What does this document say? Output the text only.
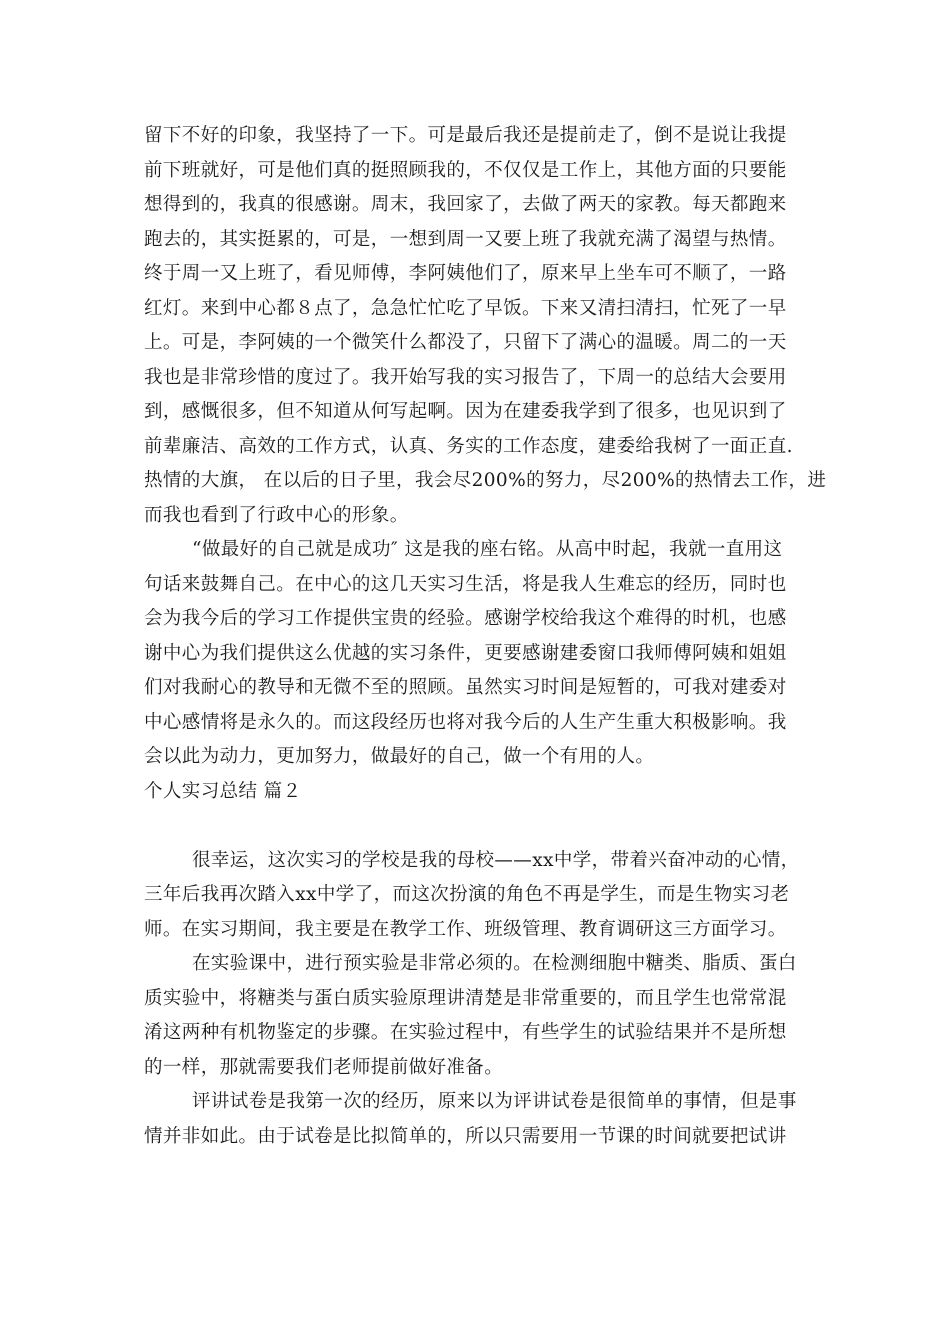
留下不好的印象，我坚持了一下。可是最后我还是提前走了，倒不是说让我提
前下班就好，可是他们真的挺照顾我的，不仅仅是工作上，其他方面的只要能
想得到的，我真的很感谢。周末，我回家了，去做了两天的家教。每天都跑来
跑去的，其实挺累的，可是，一想到周一又要上班了我就充满了渴望与热情。
终于周一又上班了，看见师傅，李阿姨他们了，原来早上坐车可不顺了，一路
红灯。来到中心都８点了，急急忙忙吃了早饭。下来又清扫清扫，忙死了一早
上。可是，李阿姨的一个微笑什么都没了，只留下了满心的温暖。周二的一天
我也是非常珍惜的度过了。我开始写我的实习报告了，下周一的总结大会要用
到，感慨很多，但不知道从何写起啊。因为在建委我学到了很多，也见识到了
前辈廉洁、高效的工作方式，认真、务实的工作态度，建委给我树了一面正直.
热情的大旗， 在以后的日子里，我会尽200%的努力，尽200%的热情去工作，进
而我也看到了行政中心的形象。
“做最好的自己就是成功″ 这是我的座右铭。从高中时起，我就一直用这
句话来鼓舞自己。在中心的这几天实习生活，将是我人生难忘的经历，同时也
会为我今后的学习工作提供宝贵的经验。感谢学校给我这个难得的时机，也感
谢中心为我们提供这么优越的实习条件，更要感谢建委窗口我师傅阿姨和姐姐
们对我耐心的教导和无微不至的照顾。虽然实习时间是短暂的，可我对建委对
中心感情将是永久的。而这段经历也将对我今后的人生产生重大积极影响。我
会以此为动力，更加努力，做最好的自己，做一个有用的人。
个人实习总结 篇２
很幸运，这次实习的学校是我的母校——xx中学，带着兴奋冲动的心情，
三年后我再次踏入xx中学了，而这次扮演的角色不再是学生，而是生物实习老
师。在实习期间，我主要是在教学工作、班级管理、教育调研这三方面学习。
在实验课中，进行预实验是非常必须的。在检测细胞中糖类、脂质、蛋白
质实验中，将糖类与蛋白质实验原理讲清楚是非常重要的，而且学生也常常混
淆这两种有机物鉴定的步骤。在实验过程中，有些学生的试验结果并不是所想
的一样，那就需要我们老师提前做好准备。
评讲试卷是我第一次的经历，原来以为评讲试卷是很简单的事情，但是事
情并非如此。由于试卷是比拟简单的，所以只需要用一节课的时间就要把试讲
